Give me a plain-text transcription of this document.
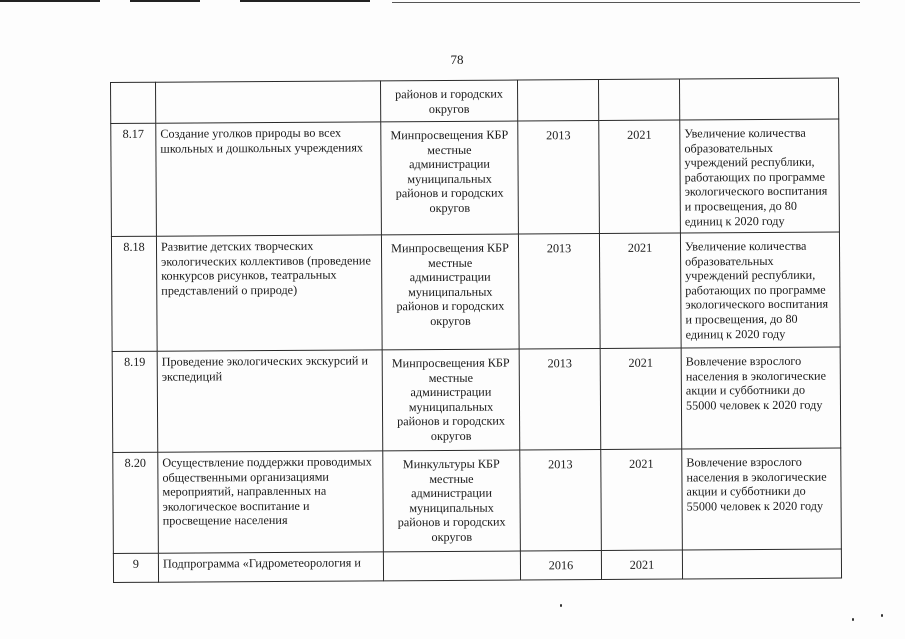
78
		районов и городских округов			
8.17	Создание уголков природы во всех школьных и дошкольных учреждениях	Минпросвещения КБР местные администрации муниципальных районов и городских округов	2013	2021	Увеличение количества образовательных учреждений республики, работающих по программе экологического воспитания и просвещения, до 80 единиц к 2020 году
8.18	Развитие детских творческих экологических коллективов (проведение конкурсов рисунков, театральных представлений о природе)	Минпросвещения КБР местные администрации муниципальных районов и городских округов	2013	2021	Увеличение количества образовательных учреждений республики, работающих по программе экологического воспитания и просвещения, до 80 единиц к 2020 году
8.19	Проведение экологических экскурсий и экспедиций	Минпросвещения КБР местные администрации муниципальных районов и городских округов	2013	2021	Вовлечение взрослого населения в экологические акции и субботники до 55000 человек к 2020 году
8.20	Осуществление поддержки проводимых общественными организациями мероприятий, направленных на экологическое воспитание и просвещение населения	Минкультуры КБР местные администрации муниципальных районов и городских округов	2013	2021	Вовлечение взрослого населения в экологические акции и субботники до 55000 человек к 2020 году
9	Подпрограмма «Гидрометеорология и		2016	2021	
